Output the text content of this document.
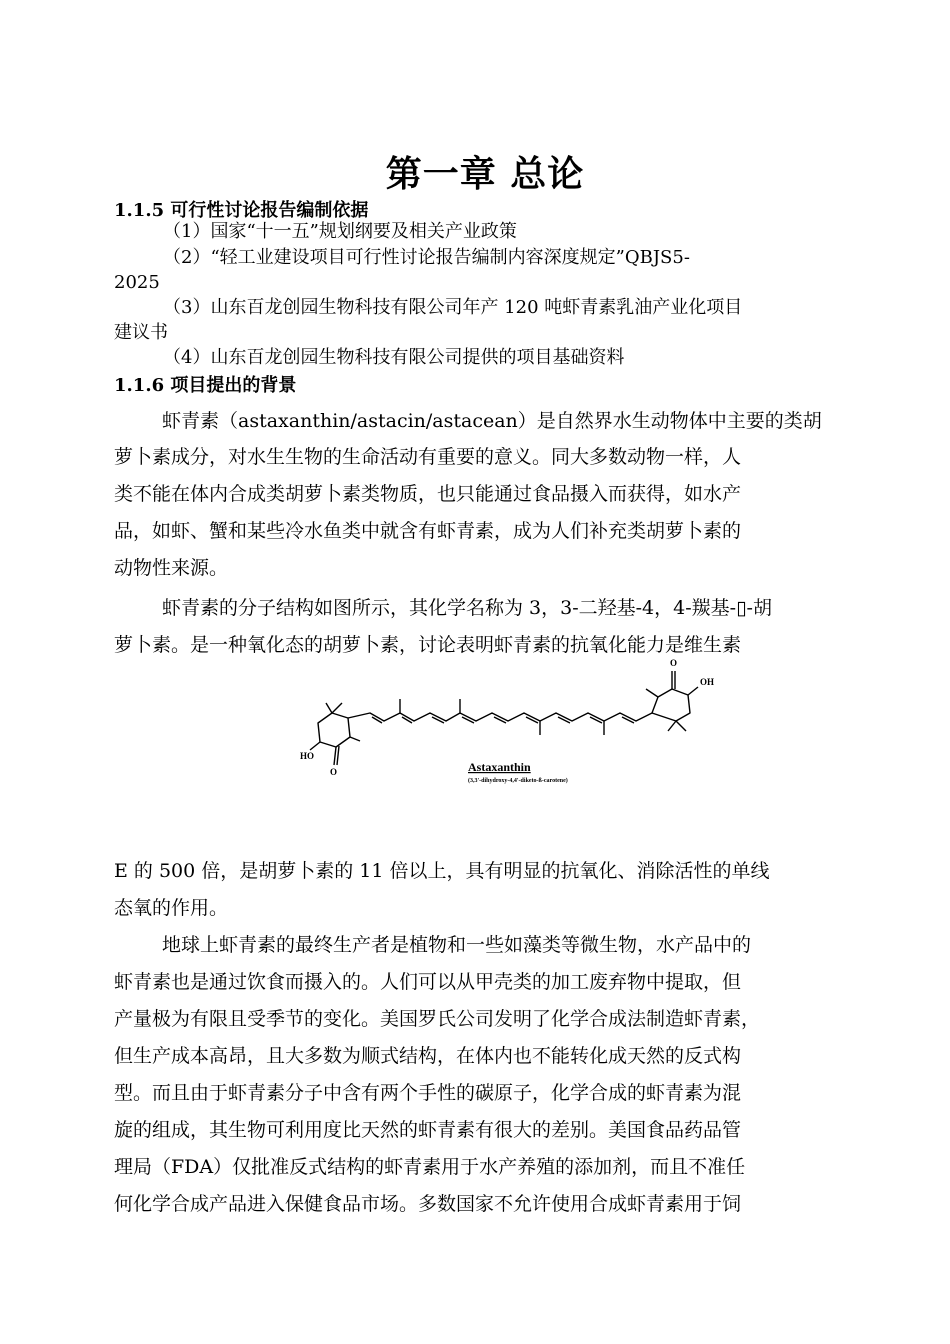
第一章 总论
1.1.5 可行性讨论报告编制依据
（1）国家“十一五”规划纲要及相关产业政策
（2）“轻工业建设项目可行性讨论报告编制内容深度规定”QBJS5-
2025
（3）山东百龙创园生物科技有限公司年产 120 吨虾青素乳油产业化项目
建议书
（4）山东百龙创园生物科技有限公司提供的项目基础资料
1.1.6 项目提出的背景
虾青素（astaxanthin/astacin/astacean）是自然界水生动物体中主要的类胡
萝卜素成分，对水生生物的生命活动有重要的意义。同大多数动物一样，人
类不能在体内合成类胡萝卜素类物质，也只能通过食品摄入而获得，如水产
品，如虾、蟹和某些冷水鱼类中就含有虾青素，成为人们补充类胡萝卜素的
动物性来源。
虾青素的分子结构如图所示，其化学名称为 3，3-二羟基-4，4-羰基-▯-胡
萝卜素。是一种氧化态的胡萝卜素，讨论表明虾青素的抗氧化能力是维生素
O
OH
HO
O	Astaxanthin
(3,3'-dihydroxy-4,4'-diketo-ß-carotene)
E 的 500 倍，是胡萝卜素的 11 倍以上，具有明显的抗氧化、消除活性的单线
态氧的作用。
地球上虾青素的最终生产者是植物和一些如藻类等微生物，水产品中的
虾青素也是通过饮食而摄入的。人们可以从甲壳类的加工废弃物中提取，但
产量极为有限且受季节的变化。美国罗氏公司发明了化学合成法制造虾青素，
但生产成本高昂，且大多数为顺式结构，在体内也不能转化成天然的反式构
型。而且由于虾青素分子中含有两个手性的碳原子，化学合成的虾青素为混
旋的组成，其生物可利用度比天然的虾青素有很大的差别。美国食品药品管
理局（FDA）仅批准反式结构的虾青素用于水产养殖的添加剂，而且不准任
何化学合成产品进入保健食品市场。多数国家不允许使用合成虾青素用于饲
